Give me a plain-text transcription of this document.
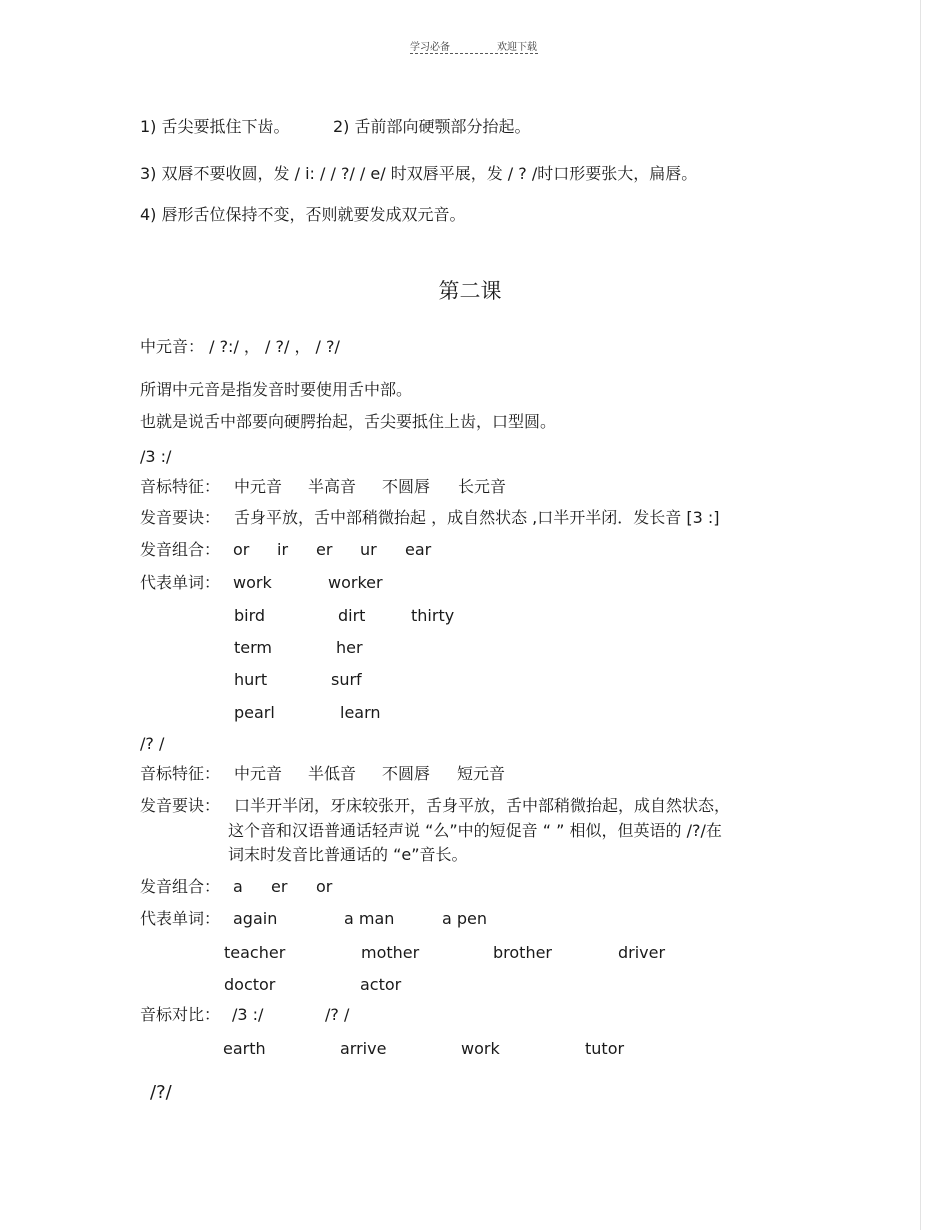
学习必备	欢迎下载
1) 舌尖要抵住下齿。	2) 舌前部向硬颚部分抬起。
3) 双唇不要收圆，发 / i: / / ?/ / e/ 时双唇平展，发 / ? /时口形要张大，扁唇。
4) 唇形舌位保持不变，否则就要发成双元音。
第二课
中元音： / ?:/ ， / ?/ ， / ?/
所谓中元音是指发音时要使用舌中部。
也就是说舌中部要向硬腭抬起，舌尖要抵住上齿，口型圆。
/3 :/
音标特征： 中元音 半高音 不圆唇 长元音
发音要诀： 舌身平放，舌中部稍微抬起 ，成自然状态 ,口半开半闭．发长音 [3 :]
发音组合： or ir er ur ear
代表单词： work	worker
bird	dirt	thirty
term	her
hurt	surf
pearl	learn
/? /
音标特征： 中元音 半低音 不圆唇 短元音
发音要诀： 口半开半闭，牙床较张开，舌身平放，舌中部稍微抬起，成自然状态，
这个音和汉语普通话轻声说 “么”中的短促音 “ ” 相似，但英语的 /?/在
词末时发音比普通话的 “e”音长。
发音组合： a er or
代表单词： again	a man	a pen
teacher	mother	brother	driver
doctor	actor
音标对比： /3 :/	/? /
earth	arrive	work	tutor
/?/
